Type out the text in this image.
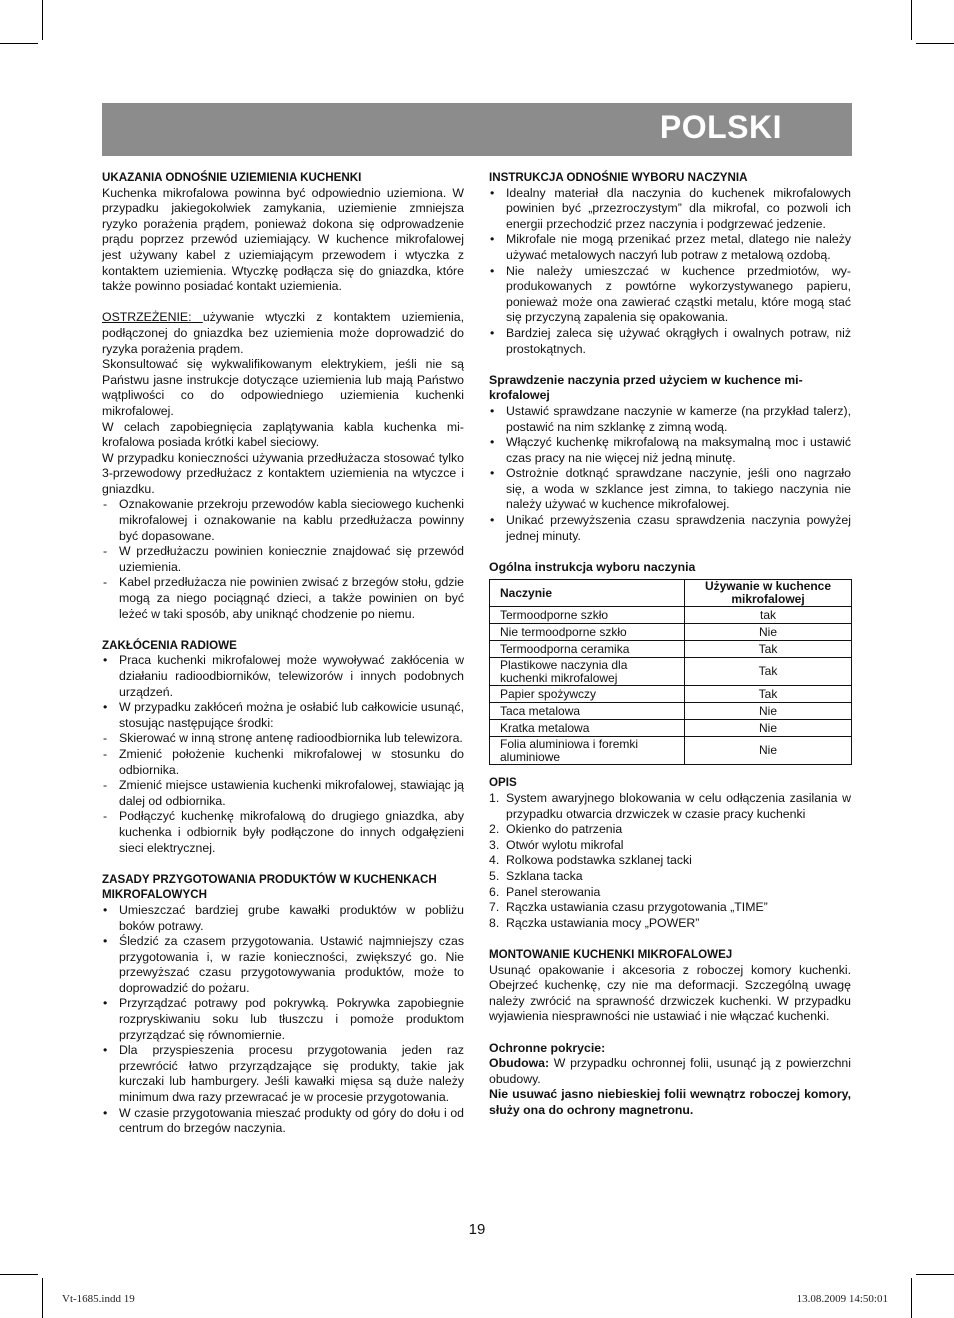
POLSKI
UKAZANIA ODNOŚNIE UZIEMIENIA KUCHENKI

Kuchenka mikrofalowa powinna być odpowiednio uziemiona. W przypadku jakiegokolwiek zamykania, uziemienie zmniejsza ryzyko porażenia prądem, ponieważ dokona się odprowadzenie prądu poprzez przewód uziemiający. W kuchence mikrofalowej jest używany kabel z uziemiającym przewodem i wtyczka z kontaktem uziemienia. Wtyczkę podłącza się do gniazdka, które także powinno posiadać kontakt uziemienia.

OSTRZEŻENIE: używanie wtyczki z kontaktem uziemienia, podłączonej do gniazdka bez uziemienia może doprowadzić do ryzyka porażenia prądem.

Skonsultować się wykwalifikowanym elektrykiem, jeśli nie są Państwu jasne instrukcje dotyczące uziemienia lub mają Państwo wątpliwości co do odpowiedniego uziemienia kuchenki mikrofalowej.

W celach zapobiegnięcia zaplątywania kabla kuchenka mikrofalowa posiada krótki kabel sieciowy.

W przypadku konieczności używania przedłużacza stosować tylko 3-przewodowy przedłużacz z kontaktem uziemienia na wtyczce i gniazdku.

- Oznakowanie przekroju przewodów kabla sieciowego kuchenki mikrofalowej i oznakowanie na kablu przedłużacza powinny być dopasowane.
- W przedłużaczu powinien koniecznie znajdować się przewód uziemienia.
- Kabel przedłużacza nie powinien zwisać z brzegów stołu, gdzie mogą za niego pociągnąć dzieci, a także powinien on być leżeć w taki sposób, aby uniknąć chodzenie po niemu.
ZAKŁÓCENIA RADIOWE
• Praca kuchenki mikrofalowej może wywoływać zakłócenia w działaniu radioodbiorników, telewizorów i innych podobnych urządzeń.
• W przypadku zakłóceń można je osłabić lub całkowicie usunąć, stosując następujące środki:
- Skierować w inną stronę antenę radioodbiornika lub telewizora.
- Zmienić położenie kuchenki mikrofalowej w stosunku do odbiornika.
- Zmienić miejsce ustawienia kuchenki mikrofalowej, stawiając ją dalej od odbiornika.
- Podłączyć kuchenkę mikrofalową do drugiego gniazdka, aby kuchenka i odbiornik były podłączone do innych odgałęzieni sieci elektrycznej.
ZASADY PRZYGOTOWANIA PRODUKTÓW W KUCHENKACH MIKROFALOWYCH
• Umieszczać bardziej grube kawałki produktów w pobliżu boków potrawy.
• Śledzić za czasem przygotowania. Ustawić najmniejszy czas przygotowania i, w razie konieczności, zwiększyć go. Nie przewyższać czasu przygotowywania produktów, może to doprowadzić do pożaru.
• Przyrządzać potrawy pod pokrywką. Pokrywka zapobiegnie rozpryskiwaniu soku lub tłuszczu i pomoże produktom przyrządzać się równomiernie.
• Dla przyspieszenia procesu przygotowania jeden raz przewrócić łatwo przyrządzające się produkty, takie jak kurczaki lub hamburgery. Jeśli kawałki mięsa są duże należy minimum dwa razy przewracać je w procesie przygotowania.
• W czasie przygotowania mieszać produkty od góry do dołu i od centrum do brzegów naczynia.
INSTRUKCJA ODNOŚNIE WYBORU NACZYNIA
• Idealny materiał dla naczynia do kuchenek mikrofalowych powinien być „przezroczystym” dla mikrofal, co pozwoli ich energii przechodzić przez naczynia i podgrzewać jedzenie.
• Mikrofale nie mogą przenikać przez metal, dlatego nie należy używać metalowych naczyń lub potraw z metalową ozdobą.
• Nie należy umieszczać w kuchence przedmiotów, wyprodukowanych z powtórne wykorzystywanego papieru, ponieważ może ona zawierać cząstki metalu, które mogą stać się przyczyną zapalenia się opakowania.
• Bardziej zaleca się używać okrągłych i owalnych potraw, niż prostokątnych.
Sprawdzenie naczynia przed użyciem w kuchence mikrofalowej
• Ustawić sprawdzane naczynie w kamerze (na przykład talerz), postawić na nim szklankę z zimną wodą.
• Włączyć kuchenkę mikrofalową na maksymalną moc i ustawić czas pracy na nie więcej niż jedną minutę.
• Ostrożnie dotknąć sprawdzane naczynie, jeśli ono nagrzało się, a woda w szklance jest zimna, to takiego naczynia nie należy używać w kuchence mikrofalowej.
• Unikać przewyższenia czasu sprawdzenia naczynia powyżej jednej minuty.
Ogólna instrukcja wyboru naczynia
Naczynie	Używanie w kuchence mikrofalowej
Termoodporne szkło	tak
Nie termoodporne szkło	Nie
Termoodporna ceramika	Tak
Plastikowe naczynia dla kuchenki mikrofalowej	Tak
Papier spożywczy	Tak
Taca metalowa	Nie
Kratka metalowa	Nie
Folia aluminiowa i foremki aluminiowe	Nie
OPIS
1. System awaryjnego blokowania w celu odłączenia zasilania w przypadku otwarcia drzwiczek w czasie pracy kuchenki
2. Okienko do patrzenia
3. Otwór wylotu mikrofal
4. Rolkowa podstawka szklanej tacki
5. Szklana tacka
6. Panel sterowania
7. Rączka ustawiania czasu przygotowania „TIME”
8. Rączka ustawiania mocy „POWER”
MONTOWANIE KUCHENKI MIKROFALOWEJ

Usunąć opakowanie i akcesoria z roboczej komory kuchenki. Obejrzeć kuchenkę, czy nie ma deformacji. Szczególną uwagę należy zwrócić na sprawność drzwiczek kuchenki. W przypadku wyjawienia niesprawności nie ustawiać i nie włączać kuchenki.

Ochronne pokrycie:

Obudowa: W przypadku ochronnej folii, usunąć ją z powierzchni obudowy.

Nie usuwać jasno niebieskiej folii wewnątrz roboczej komory, służy ona do ochrony magnetronu.

19
Vt-1685.indd 19	13.08.2009 14:50:01
